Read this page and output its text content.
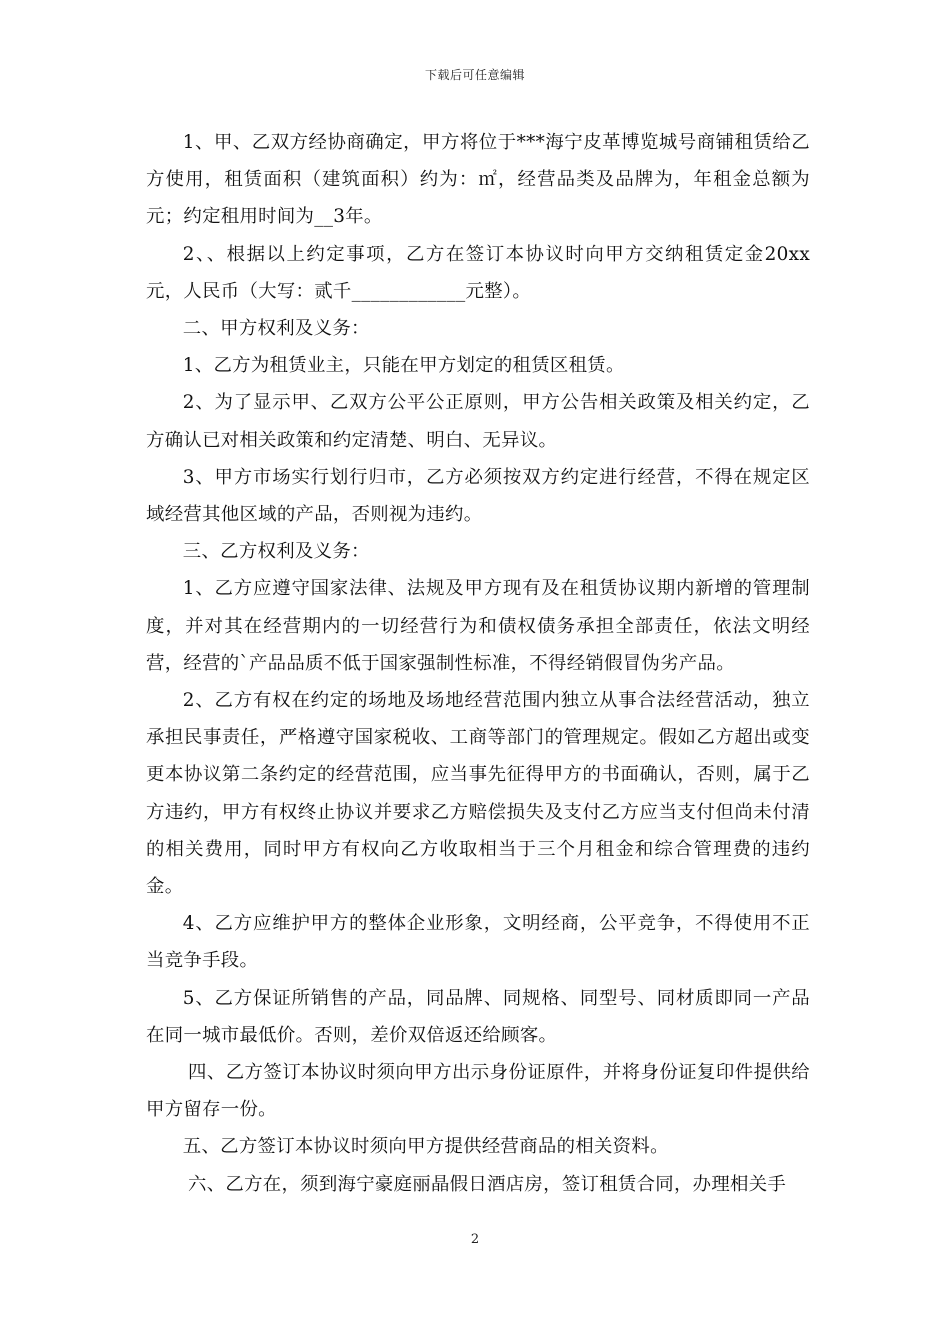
下载后可任意编辑

1、甲、乙双方经协商确定，甲方将位于***海宁皮革博览城号商铺租赁给乙方使用，租赁面积（建筑面积）约为：㎡，经营品类及品牌为，年租金总额为元；约定租用时间为__3年。

2、、根据以上约定事项，乙方在签订本协议时向甲方交纳租赁定金20xx元，人民币（大写：贰千____________元整）。

二、甲方权利及义务：

1、乙方为租赁业主，只能在甲方划定的租赁区租赁。

2、为了显示甲、乙双方公平公正原则，甲方公告相关政策及相关约定，乙方确认已对相关政策和约定清楚、明白、无异议。

3、甲方市场实行划行归市，乙方必须按双方约定进行经营，不得在规定区域经营其他区域的产品，否则视为违约。

三、乙方权利及义务：

1、乙方应遵守国家法律、法规及甲方现有及在租赁协议期内新增的管理制度，并对其在经营期内的一切经营行为和债权债务承担全部责任，依法文明经营，经营的`产品品质不低于国家强制性标准，不得经销假冒伪劣产品。

2、乙方有权在约定的场地及场地经营范围内独立从事合法经营活动，独立承担民事责任，严格遵守国家税收、工商等部门的管理规定。假如乙方超出或变更本协议第二条约定的经营范围，应当事先征得甲方的书面确认，否则，属于乙方违约，甲方有权终止协议并要求乙方赔偿损失及支付乙方应当支付但尚未付清的相关费用，同时甲方有权向乙方收取相当于三个月租金和综合管理费的违约金。

4、乙方应维护甲方的整体企业形象，文明经商，公平竞争，不得使用不正当竞争手段。

5、乙方保证所销售的产品，同品牌、同规格、同型号、同材质即同一产品在同一城市最低价。否则，差价双倍返还给顾客。

四、乙方签订本协议时须向甲方出示身份证原件，并将身份证复印件提供给甲方留存一份。

五、乙方签订本协议时须向甲方提供经营商品的相关资料。

六、乙方在，须到海宁豪庭丽晶假日酒店房，签订租赁合同，办理相关手

2
